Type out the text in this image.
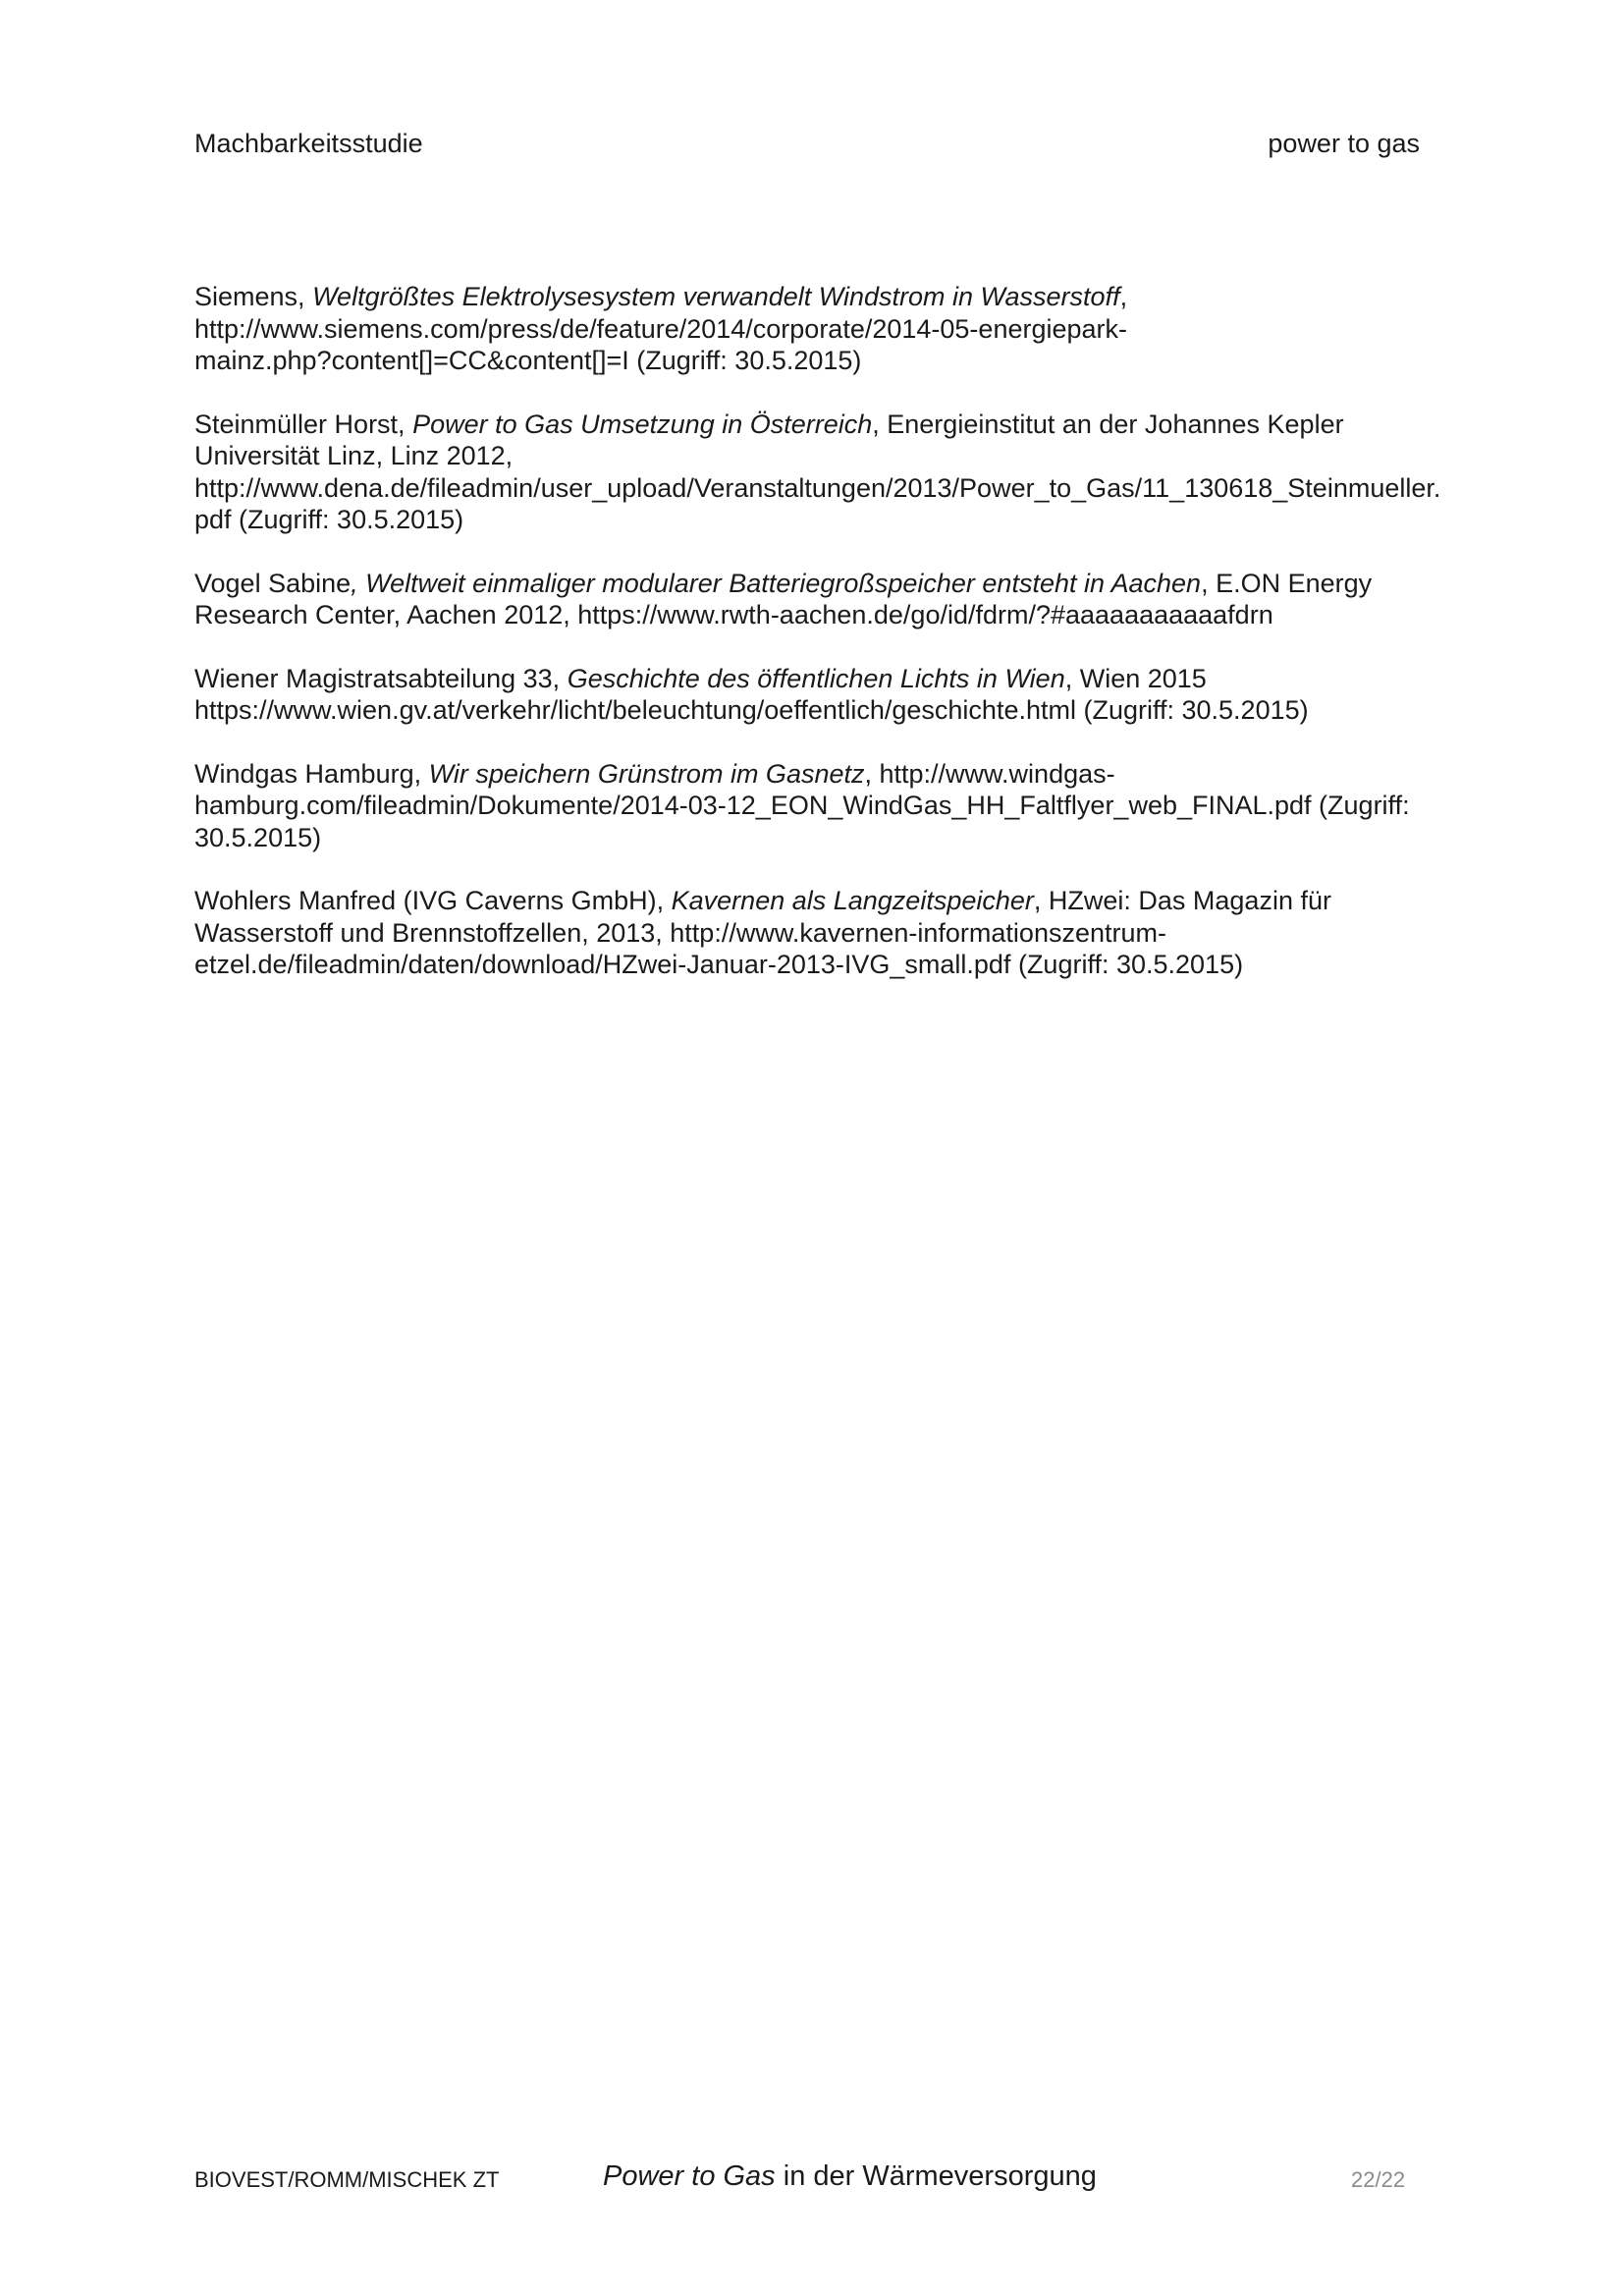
Machbarkeitsstudie	power to gas

Siemens, Weltgrößtes Elektrolysesystem verwandelt Windstrom in Wasserstoff,
http://www.siemens.com/press/de/feature/2014/corporate/2014-05-energiepark-
mainz.php?content[]=CC&content[]=I (Zugriff: 30.5.2015)

Steinmüller Horst, Power to Gas Umsetzung in Österreich, Energieinstitut an der Johannes Kepler
Universität Linz, Linz 2012,
http://www.dena.de/fileadmin/user_upload/Veranstaltungen/2013/Power_to_Gas/11_130618_Steinmueller.
pdf (Zugriff: 30.5.2015)

Vogel Sabine, Weltweit einmaliger modularer Batteriegroßspeicher entsteht in Aachen, E.ON Energy
Research Center, Aachen 2012, https://www.rwth-aachen.de/go/id/fdrm/?#aaaaaaaaaaafdrn

Wiener Magistratsabteilung 33, Geschichte des öffentlichen Lichts in Wien, Wien 2015
https://www.wien.gv.at/verkehr/licht/beleuchtung/oeffentlich/geschichte.html (Zugriff: 30.5.2015)

Windgas Hamburg, Wir speichern Grünstrom im Gasnetz, http://www.windgas-
hamburg.com/fileadmin/Dokumente/2014-03-12_EON_WindGas_HH_Faltflyer_web_FINAL.pdf (Zugriff:
30.5.2015)

Wohlers Manfred (IVG Caverns GmbH), Kavernen als Langzeitspeicher, HZwei: Das Magazin für
Wasserstoff und Brennstoffzellen, 2013, http://www.kavernen-informationszentrum-
etzel.de/fileadmin/daten/download/HZwei-Januar-2013-IVG_small.pdf (Zugriff: 30.5.2015)

BIOVEST/ROMM/MISCHEK ZT	Power to Gas in der Wärmeversorgung	22/22
